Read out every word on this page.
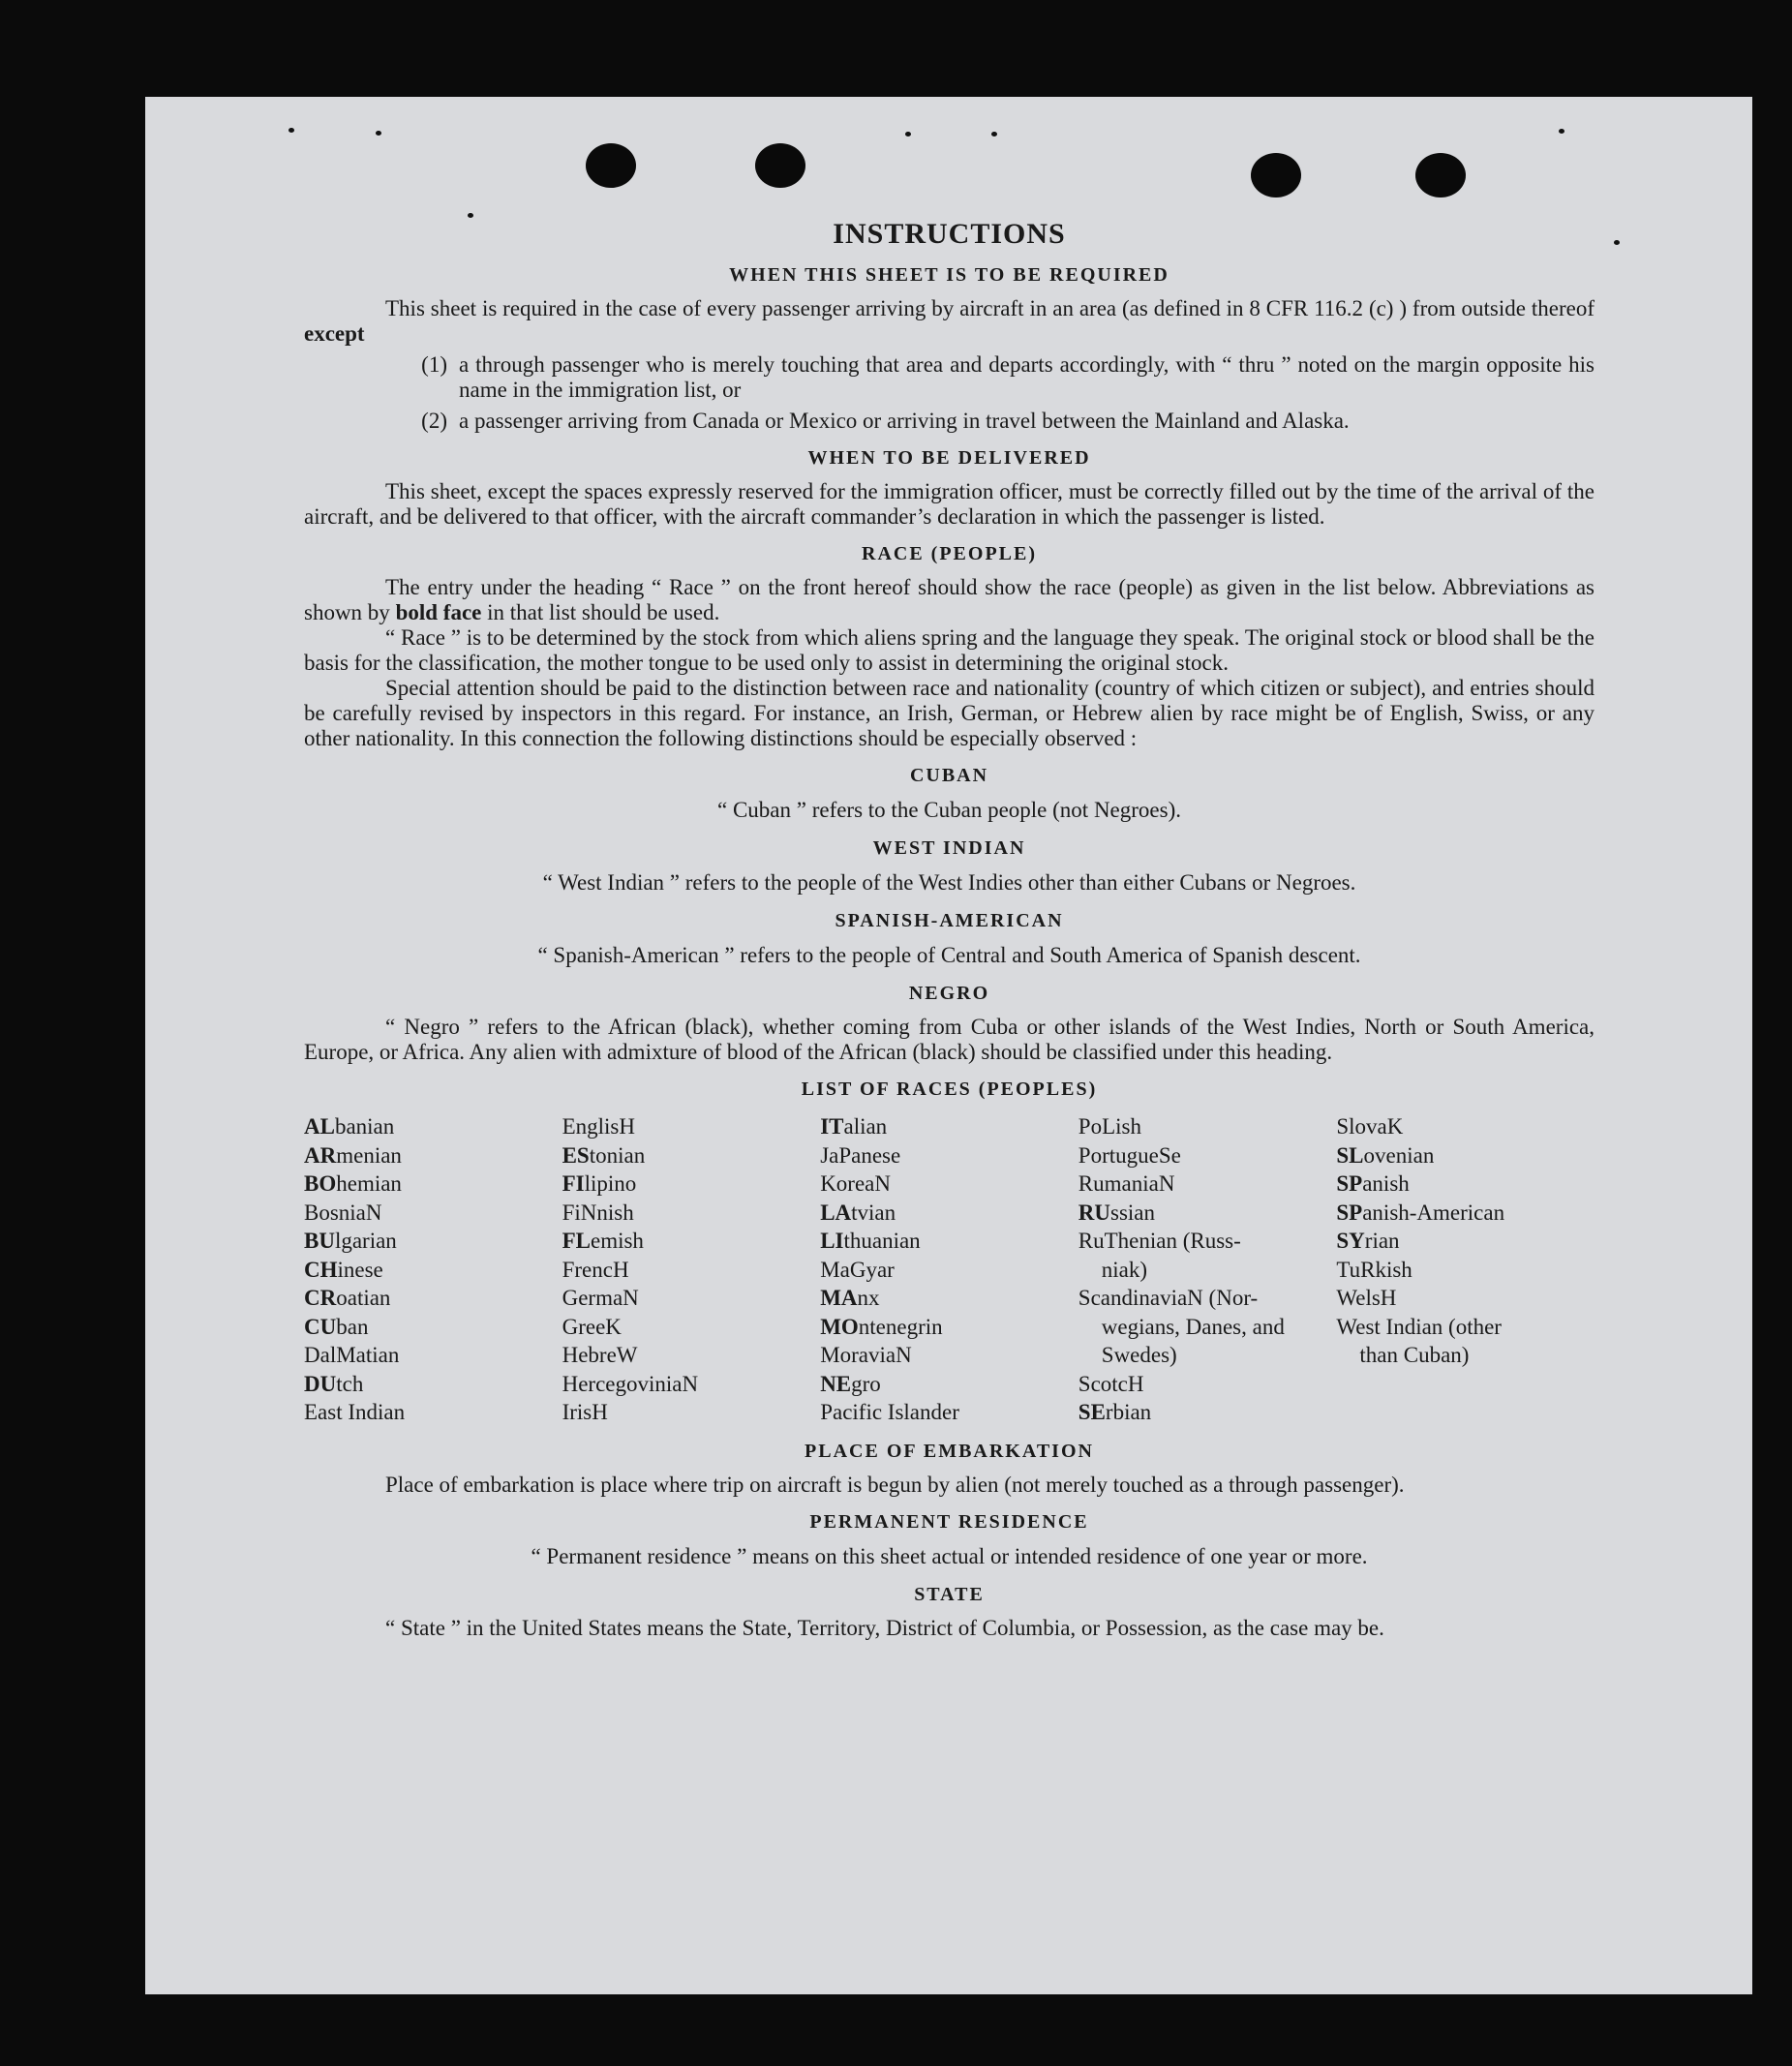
INSTRUCTIONS
WHEN THIS SHEET IS TO BE REQUIRED

This sheet is required in the case of every passenger arriving by aircraft in an area (as defined in 8 CFR 116.2 (c) ) from outside thereof except

(1) a through passenger who is merely touching that area and departs accordingly, with “ thru ” noted on the margin opposite his name in the immigration list, or
(2) a passenger arriving from Canada or Mexico or arriving in travel between the Mainland and Alaska.
WHEN TO BE DELIVERED

This sheet, except the spaces expressly reserved for the immigration officer, must be correctly filled out by the time of the arrival of the aircraft, and be delivered to that officer, with the aircraft commander’s declaration in which the passenger is listed.

RACE (PEOPLE)

The entry under the heading “ Race ” on the front hereof should show the race (people) as given in the list below. Abbreviations as shown by bold face in that list should be used.

“ Race ” is to be determined by the stock from which aliens spring and the language they speak. The original stock or blood shall be the basis for the classification, the mother tongue to be used only to assist in determining the original stock.

Special attention should be paid to the distinction between race and nationality (country of which citizen or subject), and entries should be carefully revised by inspectors in this regard. For instance, an Irish, German, or Hebrew alien by race might be of English, Swiss, or any other nationality. In this connection the following distinctions should be especially observed :

CUBAN
“ Cuban ” refers to the Cuban people (not Negroes).
WEST INDIAN
“ West Indian ” refers to the people of the West Indies other than either Cubans or Negroes.
SPANISH-AMERICAN
“ Spanish-American ” refers to the people of Central and South America of Spanish descent.
NEGRO

“ Negro ” refers to the African (black), whether coming from Cuba or other islands of the West Indies, North or South America, Europe, or Africa. Any alien with admixture of blood of the African (black) should be classified under this heading.

LIST OF RACES (PEOPLES)
ALbanian
ARmenian
BOhemian
BosniaN
BUlgarian
CHinese
CRoatian
CUban
DalMatian
DUtch
East Indian
EnglisH
EStonian
FIlipino
FiNnish
FLemish
FrencH
GermaN
GreeK
HebreW
HercegoviniaN
IrisH
ITalian
JaPanese
KoreaN
LAtvian
LIthuanian
MaGyar
MAnx
MOntenegrin
MoraviaN
NEgro
Pacific Islander
PoLish
PortugueSe
RumaniaN
RUssian
RuThenian (Russ-
niak)
ScandinaviaN (Nor-
wegians, Danes, and Swedes)
ScotcH
SErbian
SlovaK
SLovenian
SPanish
SPanish-American
SYrian
TuRkish
WelsH
West Indian (other
than Cuban)
PLACE OF EMBARKATION

Place of embarkation is place where trip on aircraft is begun by alien (not merely touched as a through passenger).

PERMANENT RESIDENCE
“ Permanent residence ” means on this sheet actual or intended residence of one year or more.
STATE

“ State ” in the United States means the State, Territory, District of Columbia, or Possession, as the case may be.
